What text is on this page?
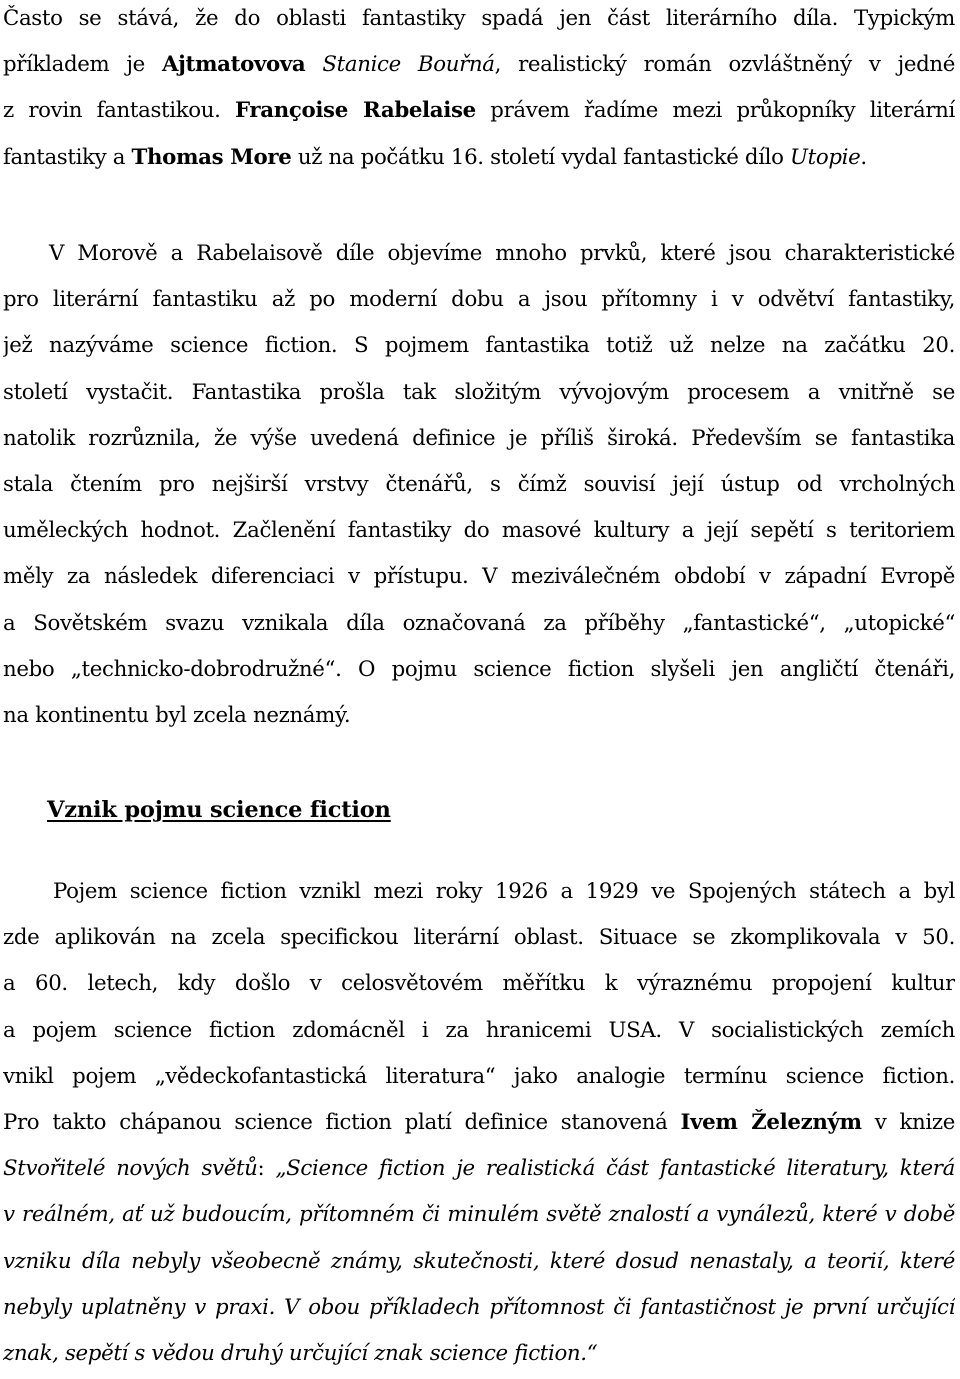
Často se stává, že do oblasti fantastiky spadá jen část literárního díla. Typickým
příkladem je Ajtmatovova Stanice Bouřná, realistický román ozvláštněný v jedné
z rovin fantastikou. Françoise Rabelaise právem řadíme mezi průkopníky literární
fantastiky a Thomas More už na počátku 16. století vydal fantastické dílo Utopie.
V Morově a Rabelaisově díle objevíme mnoho prvků, které jsou charakteristické
pro literární fantastiku až po moderní dobu a jsou přítomny i v odvětví fantastiky,
jež nazýváme science fiction. S pojmem fantastika totiž už nelze na začátku 20.
století vystačit. Fantastika prošla tak složitým vývojovým procesem a vnitřně se
natolik rozrůznila, že výše uvedená definice je příliš široká. Především se fantastika
stala čtením pro nejširší vrstvy čtenářů, s čímž souvisí její ústup od vrcholných
uměleckých hodnot. Začlenění fantastiky do masové kultury a její sepětí s teritoriem
měly za následek diferenciaci v přístupu. V meziválečném období v západní Evropě
a Sovětském svazu vznikala díla označovaná za příběhy „fantastické“, „utopické“
nebo „technicko-dobrodružné“. O pojmu science fiction slyšeli jen angličtí čtenáři,
na kontinentu byl zcela neznámý.
Vznik pojmu science fiction
Pojem science fiction vznikl mezi roky 1926 a 1929 ve Spojených státech a byl
zde aplikován na zcela specifickou literární oblast. Situace se zkomplikovala v 50.
a 60. letech, kdy došlo v celosvětovém měřítku k výraznému propojení kultur
a pojem science fiction zdomácněl i za hranicemi USA. V socialistických zemích
vnikl pojem „vědeckofantastická literatura“ jako analogie termínu science fiction.
Pro takto chápanou science fiction platí definice stanovená Ivem Železným v knize
Stvořitelé nových světů: „Science fiction je realistická část fantastické literatury, která
v reálném, ať už budoucím, přítomném či minulém světě znalostí a vynálezů, které v době
vzniku díla nebyly všeobecně známy, skutečnosti, které dosud nenastaly, a teorií, které
nebyly uplatněny v praxi. V obou příkladech přítomnost či fantastičnost je první určující
znak, sepětí s vědou druhý určující znak science fiction.“
